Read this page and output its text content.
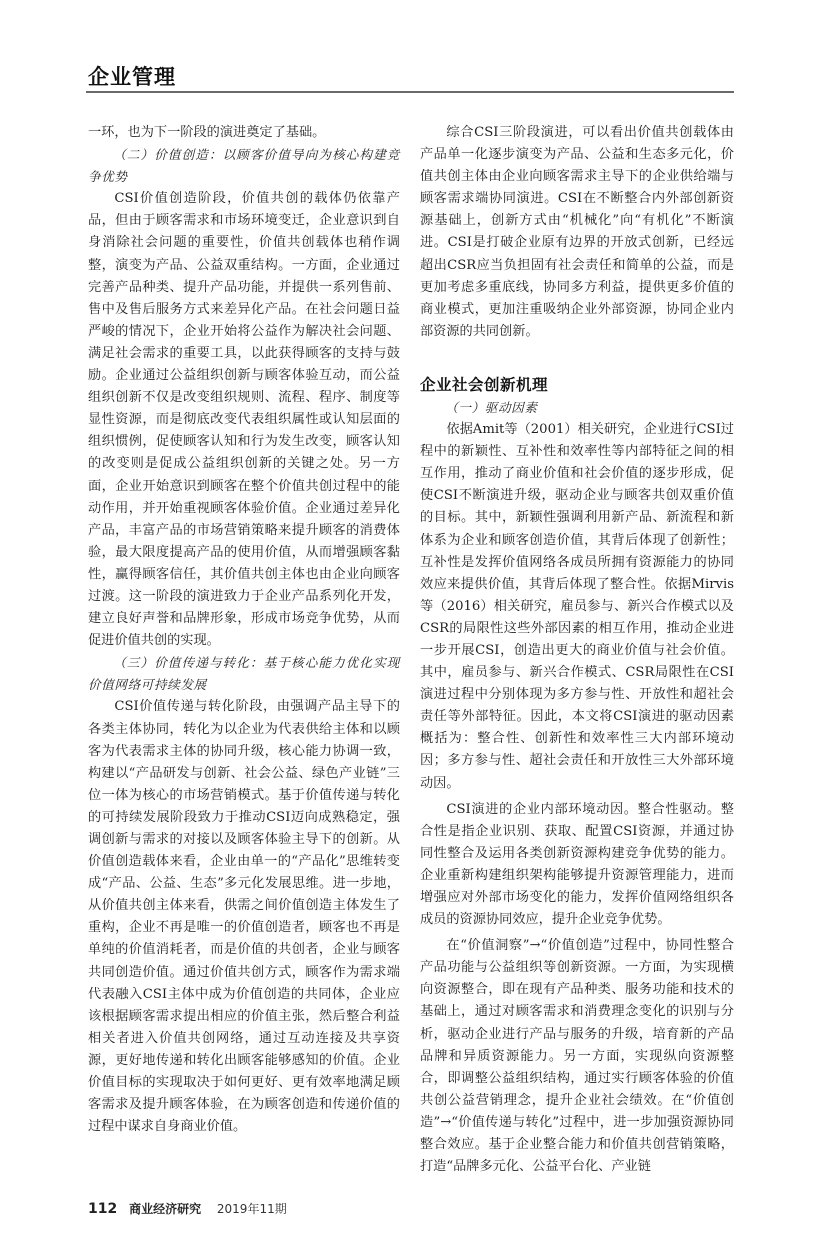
企业管理

一环，也为下一阶段的演进奠定了基础。

（二）价值创造：以顾客价值导向为核心构建竞争优势

CSI价值创造阶段，价值共创的载体仍依靠产品，但由于顾客需求和市场环境变迁，企业意识到自身消除社会问题的重要性，价值共创载体也稍作调整，演变为产品、公益双重结构。一方面，企业通过完善产品种类、提升产品功能，并提供一系列售前、售中及售后服务方式来差异化产品。在社会问题日益严峻的情况下，企业开始将公益作为解决社会问题、满足社会需求的重要工具，以此获得顾客的支持与鼓励。企业通过公益组织创新与顾客体验互动，而公益组织创新不仅是改变组织规则、流程、程序、制度等显性资源，而是彻底改变代表组织属性或认知层面的组织惯例，促使顾客认知和行为发生改变，顾客认知的改变则是促成公益组织创新的关键之处。另一方面，企业开始意识到顾客在整个价值共创过程中的能动作用，并开始重视顾客体验价值。企业通过差异化产品，丰富产品的市场营销策略来提升顾客的消费体验，最大限度提高产品的使用价值，从而增强顾客黏性，赢得顾客信任，其价值共创主体也由企业向顾客过渡。这一阶段的演进致力于企业产品系列化开发，建立良好声誉和品牌形象，形成市场竞争优势，从而促进价值共创的实现。

（三）价值传递与转化：基于核心能力优化实现价值网络可持续发展

CSI价值传递与转化阶段，由强调产品主导下的各类主体协同，转化为以企业为代表供给主体和以顾客为代表需求主体的协同升级，核心能力协调一致，构建以“产品研发与创新、社会公益、绿色产业链”三位一体为核心的市场营销模式。基于价值传递与转化的可持续发展阶段致力于推动CSI迈向成熟稳定，强调创新与需求的对接以及顾客体验主导下的创新。从价值创造载体来看，企业由单一的“产品化”思维转变成“产品、公益、生态”多元化发展思维。进一步地，从价值共创主体来看，供需之间价值创造主体发生了重构，企业不再是唯一的价值创造者，顾客也不再是单纯的价值消耗者，而是价值的共创者，企业与顾客共同创造价值。通过价值共创方式，顾客作为需求端代表融入CSI主体中成为价值创造的共同体，企业应该根据顾客需求提出相应的价值主张，然后整合利益相关者进入价值共创网络，通过互动连接及共享资源，更好地传递和转化出顾客能够感知的价值。企业价值目标的实现取决于如何更好、更有效率地满足顾客需求及提升顾客体验，在为顾客创造和传递价值的过程中谋求自身商业价值。

综合CSI三阶段演进，可以看出价值共创载体由产品单一化逐步演变为产品、公益和生态多元化，价值共创主体由企业向顾客需求主导下的企业供给端与顾客需求端协同演进。CSI在不断整合内外部创新资源基础上，创新方式由“机械化”向“有机化”不断演进。CSI是打破企业原有边界的开放式创新，已经远超出CSR应当负担固有社会责任和简单的公益，而是更加考虑多重底线，协同多方利益，提供更多价值的商业模式，更加注重吸纳企业外部资源，协同企业内部资源的共同创新。

企业社会创新机理

（一）驱动因素

依据Amit等（2001）相关研究，企业进行CSI过程中的新颖性、互补性和效率性等内部特征之间的相互作用，推动了商业价值和社会价值的逐步形成，促使CSI不断演进升级，驱动企业与顾客共创双重价值的目标。其中，新颖性强调利用新产品、新流程和新体系为企业和顾客创造价值，其背后体现了创新性；互补性是发挥价值网络各成员所拥有资源能力的协同效应来提供价值，其背后体现了整合性。依据Mirvis等（2016）相关研究，雇员参与、新兴合作模式以及CSR的局限性这些外部因素的相互作用，推动企业进一步开展CSI，创造出更大的商业价值与社会价值。其中，雇员参与、新兴合作模式、CSR局限性在CSI演进过程中分别体现为多方参与性、开放性和超社会责任等外部特征。因此，本文将CSI演进的驱动因素概括为：整合性、创新性和效率性三大内部环境动因；多方参与性、超社会责任和开放性三大外部环境动因。

CSI演进的企业内部环境动因。整合性驱动。整合性是指企业识别、获取、配置CSI资源，并通过协同性整合及运用各类创新资源构建竞争优势的能力。企业重新构建组织架构能够提升资源管理能力，进而增强应对外部市场变化的能力，发挥价值网络组织各成员的资源协同效应，提升企业竞争优势。

在“价值洞察”→“价值创造”过程中，协同性整合产品功能与公益组织等创新资源。一方面，为实现横向资源整合，即在现有产品种类、服务功能和技术的基础上，通过对顾客需求和消费理念变化的识别与分析，驱动企业进行产品与服务的升级，培育新的产品品牌和异质资源能力。另一方面，实现纵向资源整合，即调整公益组织结构，通过实行顾客体验的价值共创公益营销理念，提升企业社会绩效。在“价值创造”→“价值传递与转化”过程中，进一步加强资源协同整合效应。基于企业整合能力和价值共创营销策略，打造“品牌多元化、公益平台化、产业链

112 商业经济研究 2019年11期
